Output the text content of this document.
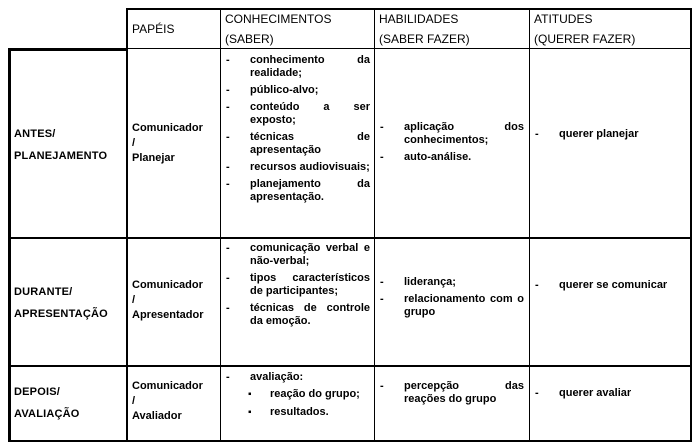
PAPÉIS
CONHECIMENTOS
(SABER)
HABILIDADES
(SABER FAZER)
ATITUDES
(QUERER FAZER)
ANTES/
PLANEJAMENTO
Comunicador
/
Planejar
- conhecimento da realidade;
- público-alvo;
- conteúdo a ser exposto;
- técnicas de apresentação
- recursos audiovisuais;
- planejamento da apresentação.
- aplicação dos conhecimentos;
- auto-análise.
- querer planejar
DURANTE/
APRESENTAÇÃO
Comunicador
/
Apresentador
- comunicação verbal e não-verbal;
- tipos característicos de participantes;
- técnicas de controle da emoção.
- liderança;
- relacionamento com o grupo
- querer se comunicar
DEPOIS/
AVALIAÇÃO
Comunicador
/
Avaliador
- avaliação:
▪ reação do grupo;
▪ resultados.
- percepção das reações do grupo
-	querer avaliar
